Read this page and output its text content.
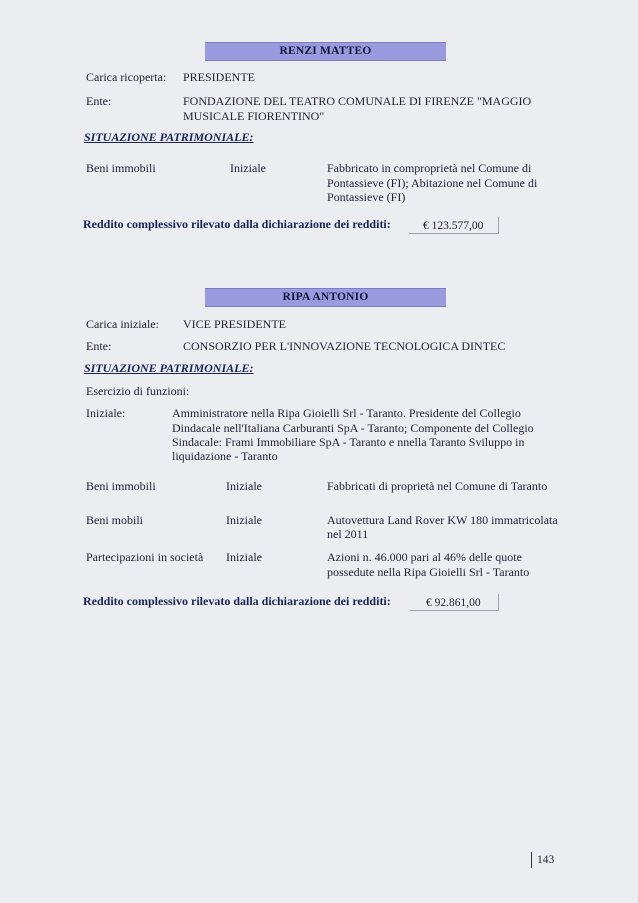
RENZI MATTEO
Carica ricoperta: PRESIDENTE
Ente:	FONDAZIONE DEL TEATRO COMUNALE DI FIRENZE "MAGGIO
MUSICALE FIORENTINO"
SITUAZIONE PATRIMONIALE:
Beni immobili	Iniziale	Fabbricato in comproprietà nel Comune di
Pontassieve (FI); Abitazione nel Comune di
Pontassieve (FI)
Reddito complessivo rilevato dalla dichiarazione dei redditi:	€ 123.577,00
RIPA ANTONIO
Carica iniziale: VICE PRESIDENTE
Ente:	CONSORZIO PER L'INNOVAZIONE TECNOLOGICA DINTEC
SITUAZIONE PATRIMONIALE:
Esercizio di funzioni:
Iniziale:	Amministratore nella Ripa Gioielli Srl - Taranto. Presidente del Collegio
Dindacale nell'Italiana Carburanti SpA - Taranto; Componente del Collegio
Sindacale: Frami Immobiliare SpA - Taranto e nnella Taranto Sviluppo in
liquidazione - Taranto
Beni immobili	Iniziale	Fabbricati di proprietà nel Comune di Taranto
Beni mobili	Iniziale	Autovettura Land Rover KW 180 immatricolata
nel 2011
Partecipazioni in società Iniziale	Azioni n. 46.000 pari al 46% delle quote
possedute nella Ripa Gioielli Srl - Taranto
Reddito complessivo rilevato dalla dichiarazione dei redditi:	€ 92.861,00
143
